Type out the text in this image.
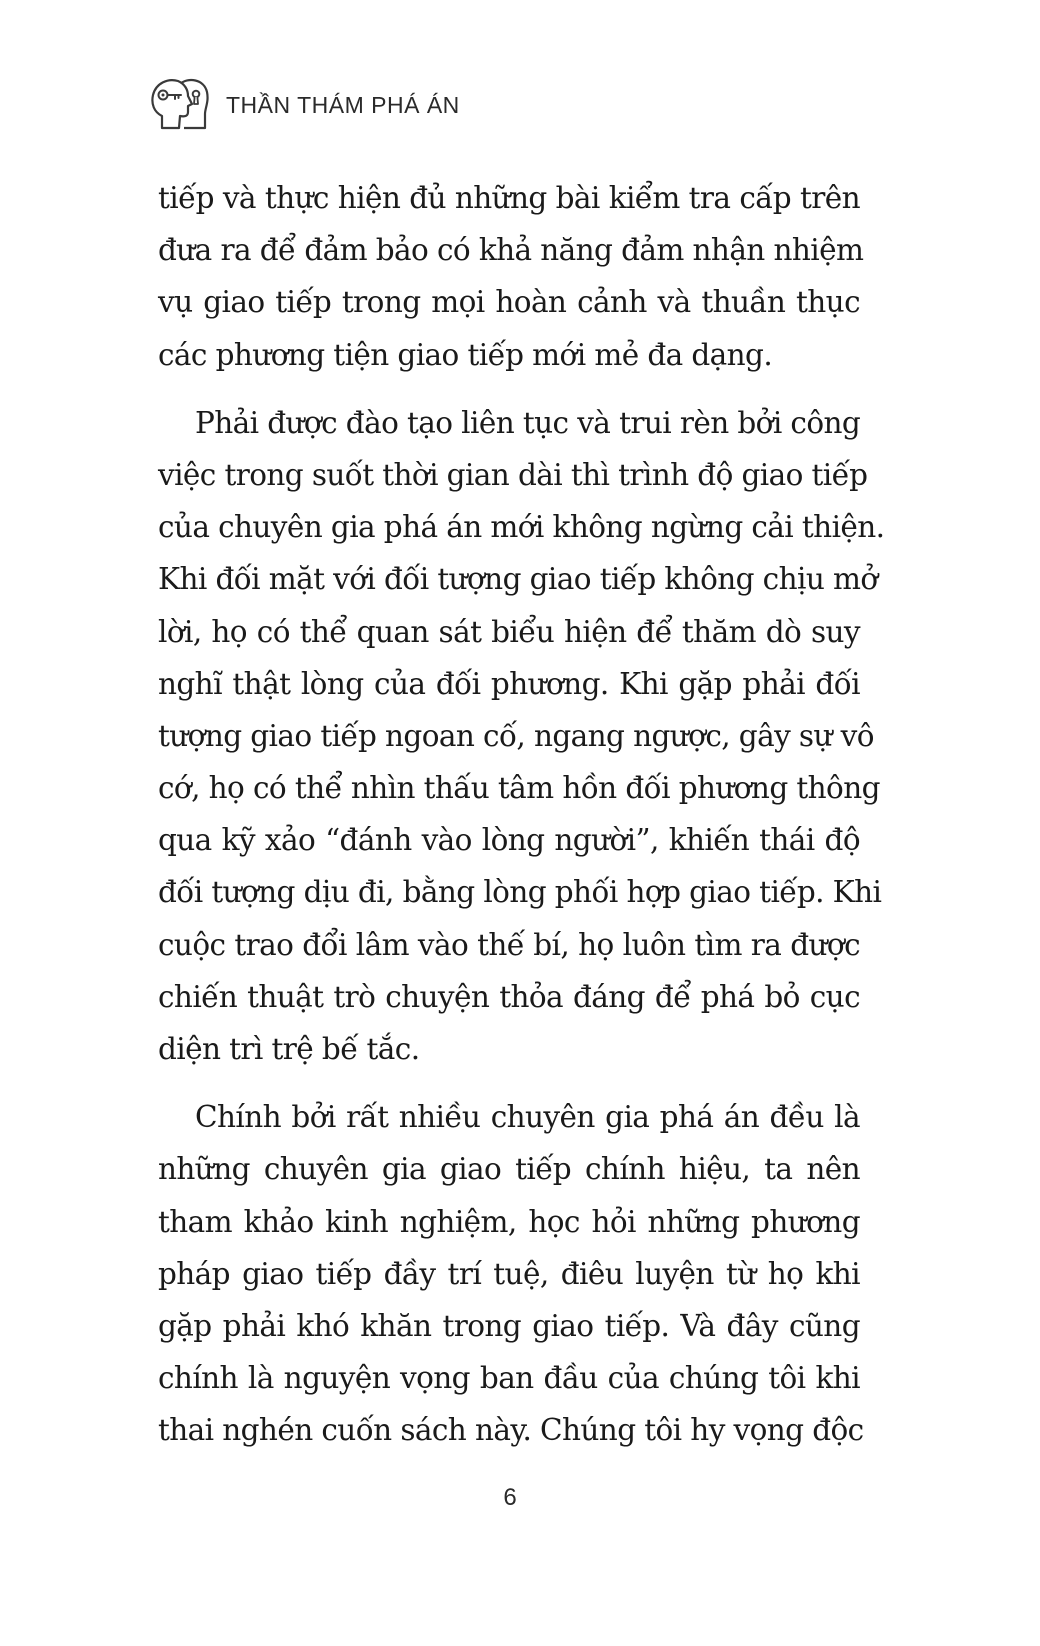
THẦN THÁM PHÁ ÁN

tiếp và thực hiện đủ những bài kiểm tra cấp trên
đưa ra để đảm bảo có khả năng đảm nhận nhiệm
vụ giao tiếp trong mọi hoàn cảnh và thuần thục
các phương tiện giao tiếp mới mẻ đa dạng.

Phải được đào tạo liên tục và trui rèn bởi công
việc trong suốt thời gian dài thì trình độ giao tiếp
của chuyên gia phá án mới không ngừng cải thiện.
Khi đối mặt với đối tượng giao tiếp không chịu mở
lời, họ có thể quan sát biểu hiện để thăm dò suy
nghĩ thật lòng của đối phương. Khi gặp phải đối
tượng giao tiếp ngoan cố, ngang ngược, gây sự vô
cớ, họ có thể nhìn thấu tâm hồn đối phương thông
qua kỹ xảo “đánh vào lòng người”, khiến thái độ
đối tượng dịu đi, bằng lòng phối hợp giao tiếp. Khi
cuộc trao đổi lâm vào thế bí, họ luôn tìm ra được
chiến thuật trò chuyện thỏa đáng để phá bỏ cục
diện trì trệ bế tắc.

Chính bởi rất nhiều chuyên gia phá án đều là
những chuyên gia giao tiếp chính hiệu, ta nên
tham khảo kinh nghiệm, học hỏi những phương
pháp giao tiếp đầy trí tuệ, điêu luyện từ họ khi
gặp phải khó khăn trong giao tiếp. Và đây cũng
chính là nguyện vọng ban đầu của chúng tôi khi
thai nghén cuốn sách này. Chúng tôi hy vọng độc

6
